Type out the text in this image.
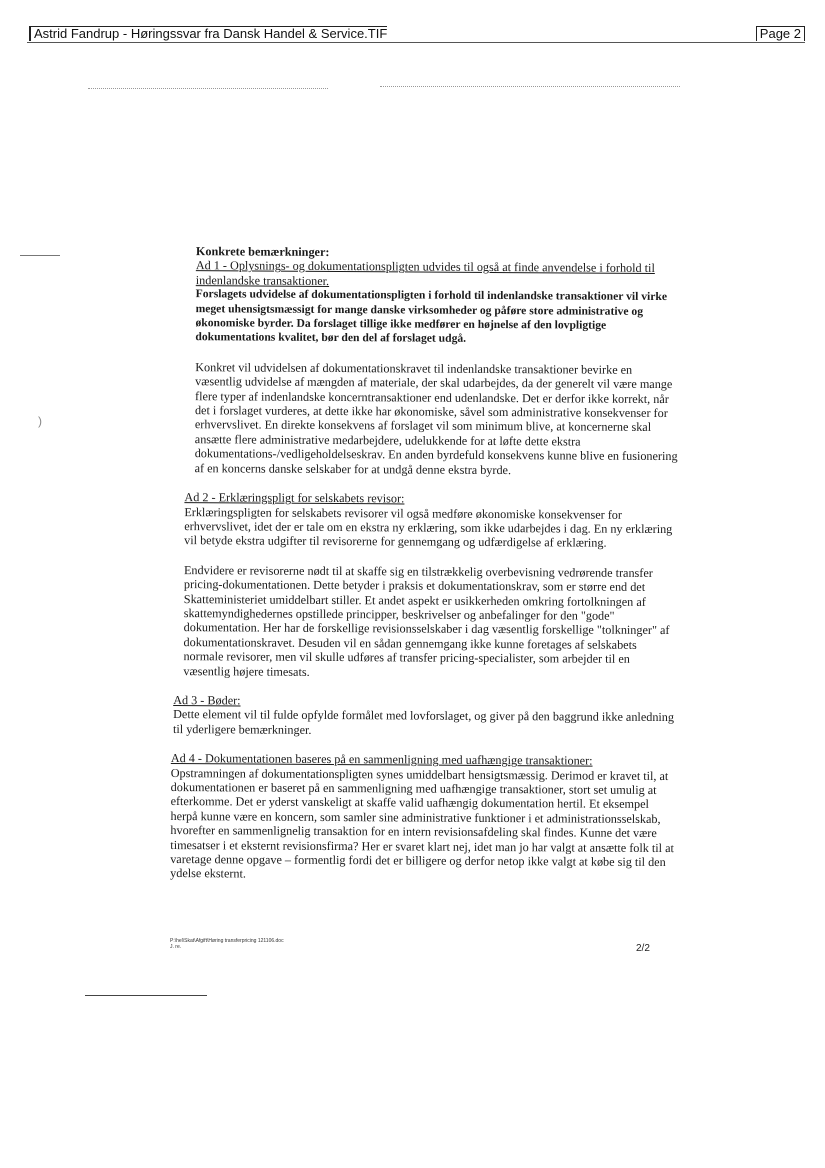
Astrid Fandrup - Høringssvar fra Dansk Handel & Service.TIF	Page 2
)
Konkrete bemærkninger:
Ad 1 - Oplysnings- og dokumentationspligten udvides til også at finde anvendelse i forhold til indenlandske transaktioner.

Forslagets udvidelse af dokumentationspligten i forhold til indenlandske transaktioner vil virke meget uhensigtsmæssigt for mange danske virksomheder og påføre store administrative og økonomiske byrder. Da forslaget tillige ikke medfører en højnelse af den lovpligtige dokumentations kvalitet, bør den del af forslaget udgå.

Konkret vil udvidelsen af dokumentationskravet til indenlandske transaktioner bevirke en væsentlig udvidelse af mængden af materiale, der skal udarbejdes, da der generelt vil være mange flere typer af indenlandske koncerntransaktioner end udenlandske. Det er derfor ikke korrekt, når det i forslaget vurderes, at dette ikke har økonomiske, såvel som administrative konsekvenser for erhvervslivet. En direkte konsekvens af forslaget vil som minimum blive, at koncernerne skal ansætte flere administrative medarbejdere, udelukkende for at løfte dette ekstra dokumentations-/vedligeholdelseskrav. En anden byrdefuld konsekvens kunne blive en fusionering af en koncerns danske selskaber for at undgå denne ekstra byrde.

Ad 2 - Erklæringspligt for selskabets revisor:

Erklæringspligten for selskabets revisorer vil også medføre økonomiske konsekvenser for erhvervslivet, idet der er tale om en ekstra ny erklæring, som ikke udarbejdes i dag. En ny erklæring vil betyde ekstra udgifter til revisorerne for gennemgang og udfærdigelse af erklæring.

Endvidere er revisorerne nødt til at skaffe sig en tilstrækkelig overbevisning vedrørende transfer pricing-dokumentationen. Dette betyder i praksis et dokumentationskrav, som er større end det Skatteministeriet umiddelbart stiller. Et andet aspekt er usikkerheden omkring fortolkningen af skattemyndighedernes opstillede principper, beskrivelser og anbefalinger for den "gode" dokumentation. Her har de forskellige revisionsselskaber i dag væsentlig forskellige "tolkninger" af dokumentationskravet. Desuden vil en sådan gennemgang ikke kunne foretages af selskabets normale revisorer, men vil skulle udføres af transfer pricing-specialister, som arbejder til en væsentlig højere timesats.

Ad 3 - Bøder:

Dette element vil til fulde opfylde formålet med lovforslaget, og giver på den baggrund ikke anledning til yderligere bemærkninger.

Ad 4 - Dokumentationen baseres på en sammenligning med uafhængige transaktioner:

Opstramningen af dokumentationspligten synes umiddelbart hensigtsmæssig. Derimod er kravet til, at dokumentationen er baseret på en sammenligning med uafhængige transaktioner, stort set umulig at efterkomme. Det er yderst vanskeligt at skaffe valid uafhængig dokumentation hertil. Et eksempel herpå kunne være en koncern, som samler sine administrative funktioner i et administrationsselskab, hvorefter en sammenlignelig transaktion for en intern revisionsafdeling skal findes. Kunne det være timesatser i et eksternt revisionsfirma? Her er svaret klart nej, idet man jo har valgt at ansætte folk til at varetage denne opgave – formentlig fordi det er billigere og derfor netop ikke valgt at købe sig til den ydelse eksternt.

P:\hel\Skat\Afgift\Høring transferpricing 121106.doc
J. re.	2/2
